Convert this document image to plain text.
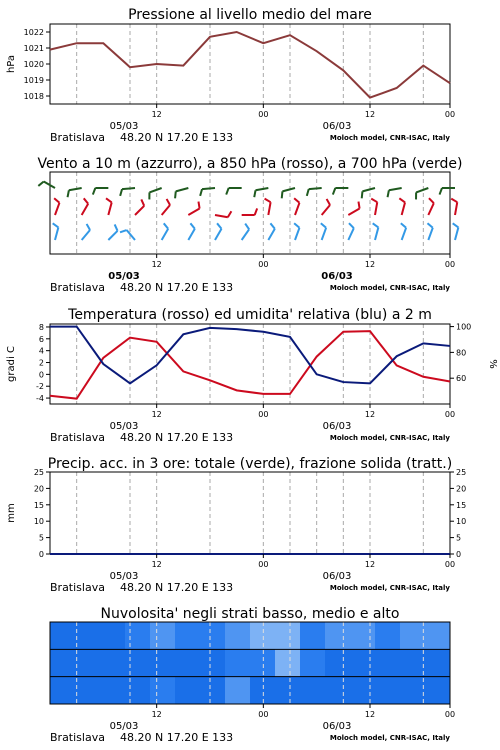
Pressione al livello medio del mare
1018
1019
1020
1021
1022
hPa
12	00	12	00
05/03	06/03
Bratislava 48.20 N 17.20 E 133	Moloch model, CNR-ISAC, Italy
Vento a 10 m (azzurro), a 850 hPa (rosso), a 700 hPa (verde)
12	00	12	00
05/03	06/03
Bratislava 48.20 N 17.20 E 133	Moloch model, CNR-ISAC, Italy
Temperatura (rosso) ed umidita' relativa (blu) a 2 m
-4
-2
0
2
4
6
8
60
80
100
gradi C	%
12	00	12	00
05/03	06/03
Bratislava 48.20 N 17.20 E 133	Moloch model, CNR-ISAC, Italy
Precip. acc. in 3 ore: totale (verde), frazione solida (tratt.)
0
5
10
15
20
25
0
5
10
15
20
25
mm
12	00	12	00
05/03	06/03
Bratislava 48.20 N 17.20 E 133	Moloch model, CNR-ISAC, Italy
Nuvolosita' negli strati basso, medio e alto
12	00	12	00
05/03	06/03
Bratislava 48.20 N 17.20 E 133	Moloch model, CNR-ISAC, Italy
